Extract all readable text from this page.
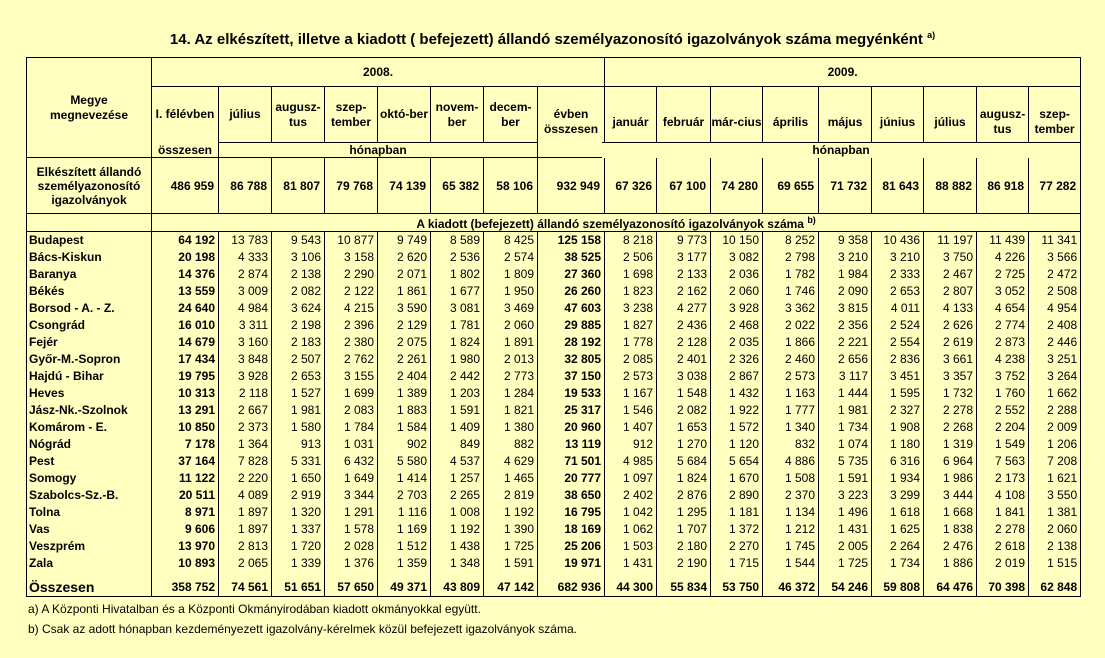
14. Az elkészített, illetve a kiadott ( befejezett) állandó személyazonosító igazolványok száma megyénként $^{a)}$
Megye megnevezése	2008.								2009.								
	I. félévben	július	augusz-tus	szep-tember	októ-ber	novem-ber	decem-ber	évben összesen	január	február	már-cius	április	május	június	július	augusz-tus	szep-tember
	összesen	hónapban															

Elkészített állandó személyazonosító igazolványok	486 959	86 788	81 807	79 768	74 139	65 382	58 106	932 949	67 326	67 100	74 280	69 655	71 732	81 643	88 882	86 918	77 282
	A kiadott (befejezett) állandó személyazonosító igazolványok száma $^{b)}$
Budapest	64 192	13 783	9 543	10 877	9 749	8 589	8 425	125 158	8 218	9 773	10 150	8 252	9 358	10 436	11 197	11 439	11 341
Bács-Kiskun	20 198	4 333	3 106	3 158	2 620	2 536	2 574	38 525	2 506	3 177	3 082	2 798	3 210	3 210	3 750	4 226	3 566
Baranya	14 376	2 874	2 138	2 290	2 071	1 802	1 809	27 360	1 698	2 133	2 036	1 782	1 984	2 333	2 467	2 725	2 472
Békés	13 559	3 009	2 082	2 122	1 861	1 677	1 950	26 260	1 823	2 162	2 060	1 746	2 090	2 653	2 807	3 052	2 508
Borsod - A. - Z.	24 640	4 984	3 624	4 215	3 590	3 081	3 469	47 603	3 238	4 277	3 928	3 362	3 815	4 011	4 133	4 654	4 954
Csongrád	16 010	3 311	2 198	2 396	2 129	1 781	2 060	29 885	1 827	2 436	2 468	2 022	2 356	2 524	2 626	2 774	2 408
Fejér	14 679	3 160	2 183	2 380	2 075	1 824	1 891	28 192	1 778	2 128	2 035	1 866	2 221	2 554	2 619	2 873	2 446
Győr-M.-Sopron	17 434	3 848	2 507	2 762	2 261	1 980	2 013	32 805	2 085	2 401	2 326	2 460	2 656	2 836	3 661	4 238	3 251
Hajdú - Bihar	19 795	3 928	2 653	3 155	2 404	2 442	2 773	37 150	2 573	3 038	2 867	2 573	3 117	3 451	3 357	3 752	3 264
Heves	10 313	2 118	1 527	1 699	1 389	1 203	1 284	19 533	1 167	1 548	1 432	1 163	1 444	1 595	1 732	1 760	1 662
Jász-Nk.-Szolnok	13 291	2 667	1 981	2 083	1 883	1 591	1 821	25 317	1 546	2 082	1 922	1 777	1 981	2 327	2 278	2 552	2 288
Komárom - E.	10 850	2 373	1 580	1 784	1 584	1 409	1 380	20 960	1 407	1 653	1 572	1 340	1 734	1 908	2 268	2 204	2 009
Nógrád	7 178	1 364	913	1 031	902	849	882	13 119	912	1 270	1 120	832	1 074	1 180	1 319	1 549	1 206
Pest	37 164	7 828	5 331	6 432	5 580	4 537	4 629	71 501	4 985	5 684	5 654	4 886	5 735	6 316	6 964	7 563	7 208
Somogy	11 122	2 220	1 650	1 649	1 414	1 257	1 465	20 777	1 097	1 824	1 670	1 508	1 591	1 934	1 986	2 173	1 621
Szabolcs-Sz.-B.	20 511	4 089	2 919	3 344	2 703	2 265	2 819	38 650	2 402	2 876	2 890	2 370	3 223	3 299	3 444	4 108	3 550
Tolna	8 971	1 897	1 320	1 291	1 116	1 008	1 192	16 795	1 042	1 295	1 181	1 134	1 496	1 618	1 668	1 841	1 381
Vas	9 606	1 897	1 337	1 578	1 169	1 192	1 390	18 169	1 062	1 707	1 372	1 212	1 431	1 625	1 838	2 278	2 060
Veszprém	13 970	2 813	1 720	2 028	1 512	1 438	1 725	25 206	1 503	2 180	2 270	1 745	2 005	2 264	2 476	2 618	2 138
Zala	10 893	2 065	1 339	1 376	1 359	1 348	1 591	19 971	1 431	2 190	1 715	1 544	1 725	1 734	1 886	2 019	1 515

Összesen	358 752	74 561	51 651	57 650	49 371	43 809	47 142	682 936	44 300	55 834	53 750	46 372	54 246	59 808	64 476	70 398	62 848
a) A Központi Hivatalban és a Központi Okmányirodában kiadott okmányokkal együtt.
b) Csak az adott hónapban kezdeményezett igazolvány-kérelmek közül befejezett igazolványok száma.
hónapban
